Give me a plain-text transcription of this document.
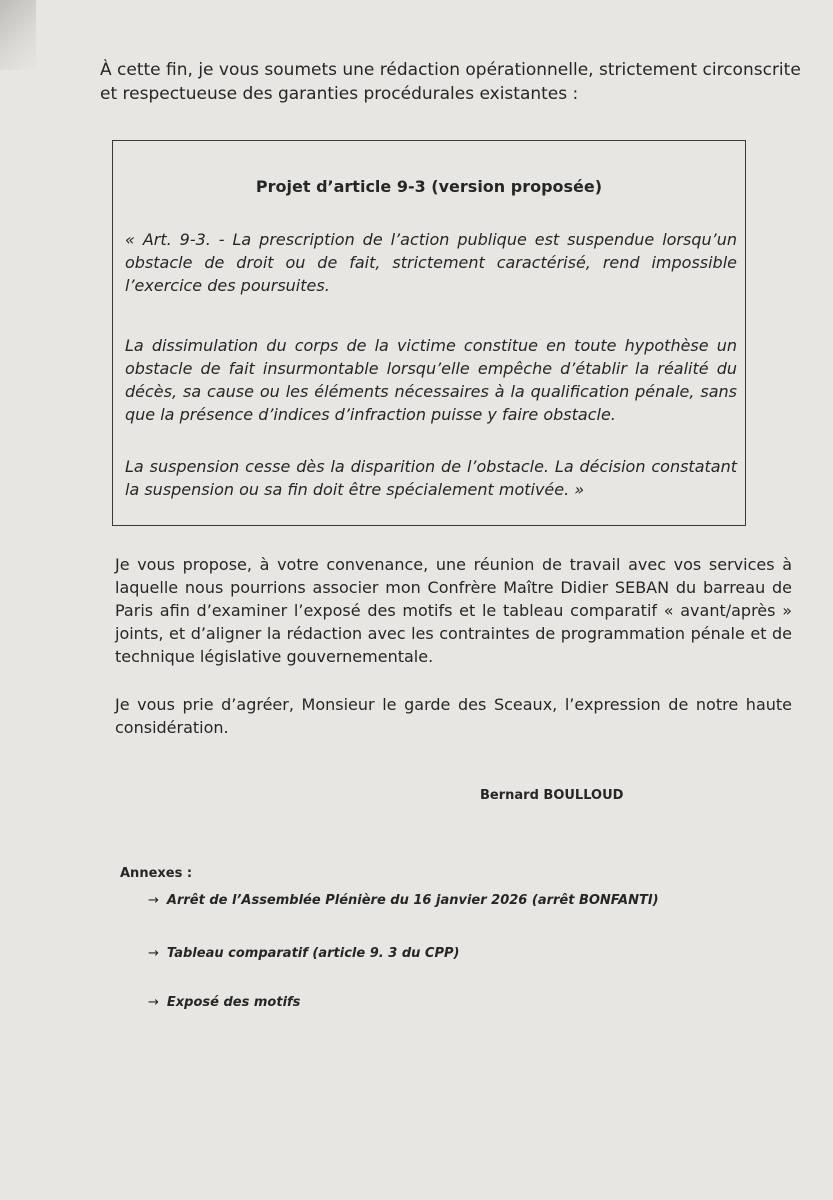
À cette fin, je vous soumets une rédaction opérationnelle, strictement circonscrite et respectueuse des garanties procédurales existantes :

Projet d’article 9-3 (version proposée)

« Art. 9-3. - La prescription de l’action publique est suspendue lorsqu’un obstacle de droit ou de fait, strictement caractérisé, rend impossible l’exercice des poursuites.

La dissimulation du corps de la victime constitue en toute hypothèse un obstacle de fait insurmontable lorsqu’elle empêche d’établir la réalité du décès, sa cause ou les éléments nécessaires à la qualification pénale, sans que la présence d’indices d’infraction puisse y faire obstacle.

La suspension cesse dès la disparition de l’obstacle. La décision constatant la suspension ou sa fin doit être spécialement motivée. »

Je vous propose, à votre convenance, une réunion de travail avec vos services à laquelle nous pourrions associer mon Confrère Maître Didier SEBAN du barreau de Paris afin d’examiner l’exposé des motifs et le tableau comparatif « avant/après » joints, et d’aligner la rédaction avec les contraintes de programmation pénale et de technique législative gouvernementale.

Je vous prie d’agréer, Monsieur le garde des Sceaux, l’expression de notre haute considération.

Bernard BOULLOUD

Annexes :

→ Arrêt de l’Assemblée Plénière du 16 janvier 2026 (arrêt BONFANTI)

→ Tableau comparatif (article 9. 3 du CPP)

→ Exposé des motifs
